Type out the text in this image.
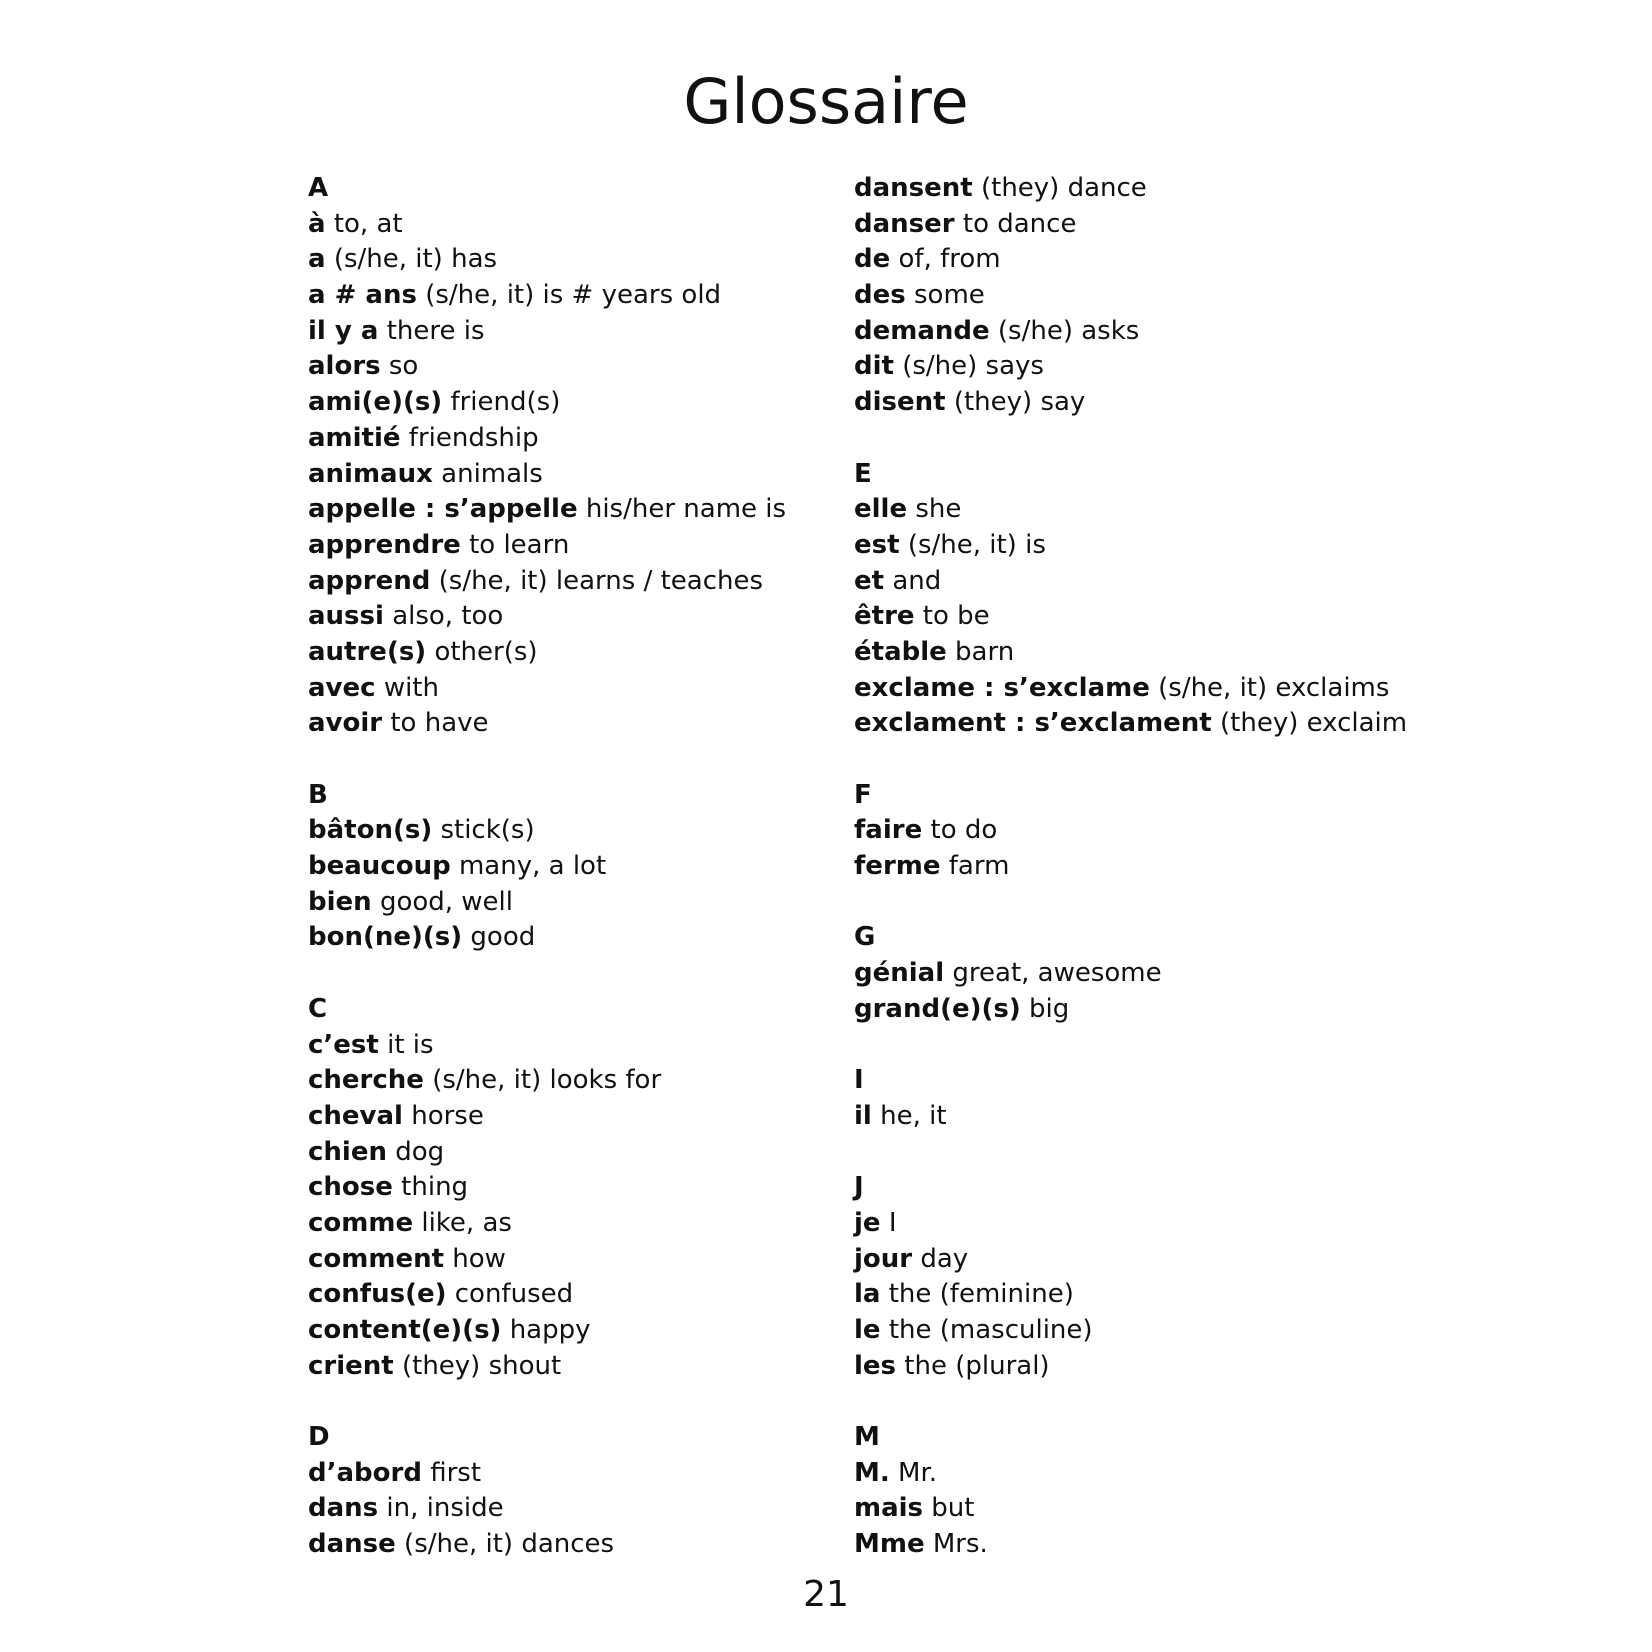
Glossaire
A
à to, at
a (s/he, it) has
a # ans (s/he, it) is # years old
il y a there is
alors so
ami(e)(s) friend(s)
amitié friendship
animaux animals
appelle : s’appelle his/her name is
apprendre to learn
apprend (s/he, it) learns / teaches
aussi also, too
autre(s) other(s)
avec with
avoir to have
B
bâton(s) stick(s)
beaucoup many, a lot
bien good, well
bon(ne)(s) good
C
c’est it is
cherche (s/he, it) looks for
cheval horse
chien dog
chose thing
comme like, as
comment how
confus(e) confused
content(e)(s) happy
crient (they) shout
D
d’abord first
dans in, inside
danse (s/he, it) dances
dansent (they) dance
danser to dance
de of, from
des some
demande (s/he) asks
dit (s/he) says
disent (they) say
E
elle she
est (s/he, it) is
et and
être to be
étable barn
exclame : s’exclame (s/he, it) exclaims
exclament : s’exclament (they) exclaim
F
faire to do
ferme farm
G
génial great, awesome
grand(e)(s) big
I
il he, it
J
je I
jour day
la the (feminine)
le the (masculine)
les the (plural)
M
M. Mr.
mais but
Mme Mrs.
21
